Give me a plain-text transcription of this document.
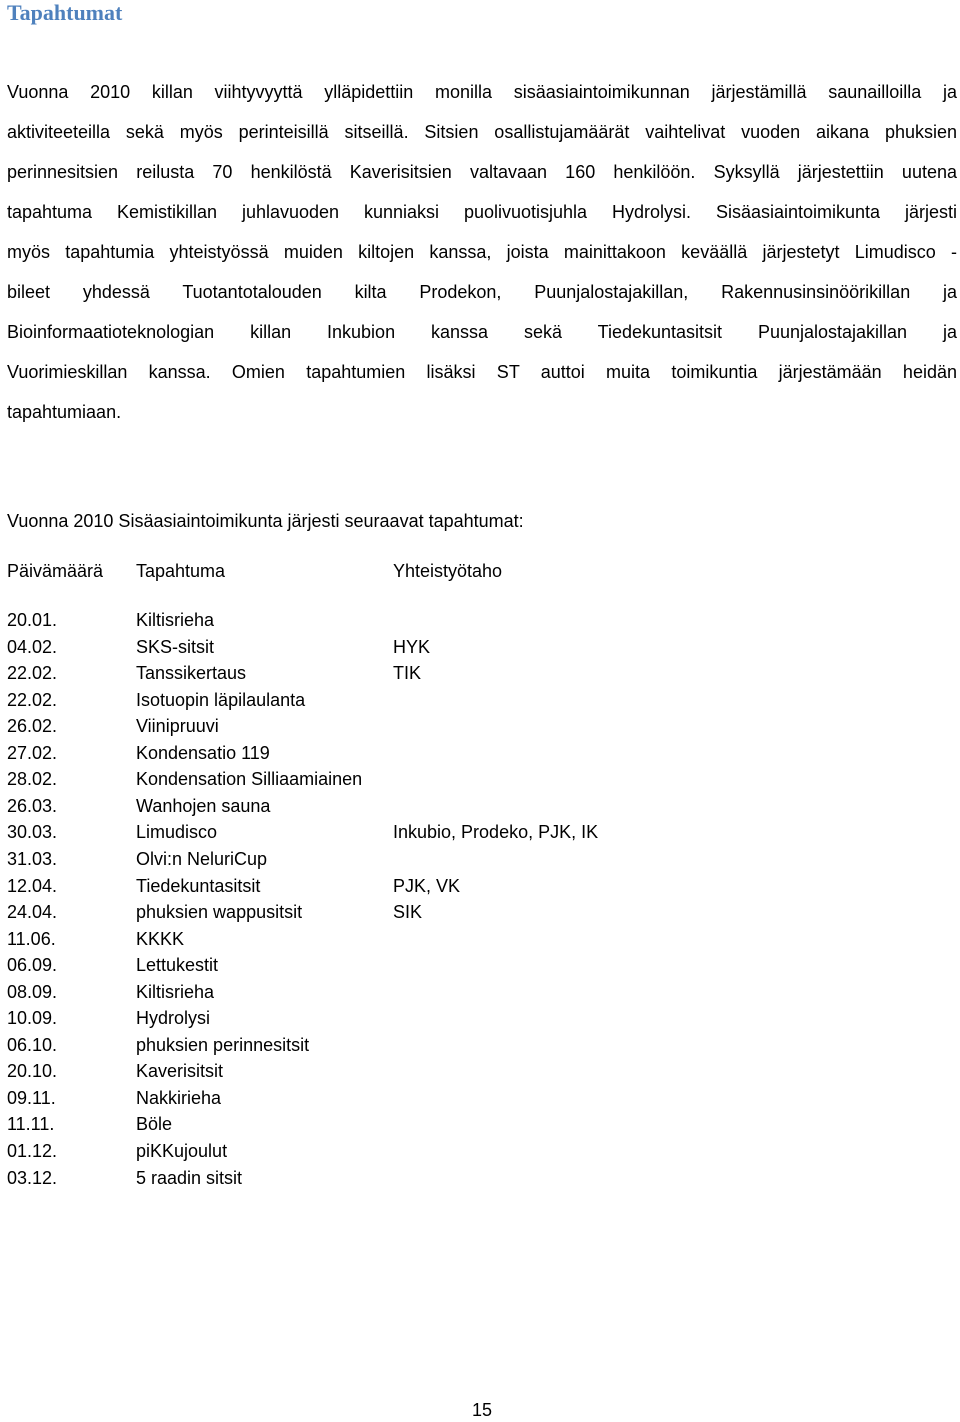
Tapahtumat
Vuonna 2010 killan viihtyvyyttä ylläpidettiin monilla sisäasiaintoimikunnan järjestämillä saunailloilla ja
aktiviteeteilla sekä myös perinteisillä sitseillä. Sitsien osallistujamäärät vaihtelivat vuoden aikana phuksien
perinnesitsien reilusta 70 henkilöstä Kaverisitsien valtavaan 160 henkilöön. Syksyllä järjestettiin uutena
tapahtuma Kemistikillan juhlavuoden kunniaksi puolivuotisjuhla Hydrolysi. Sisäasiaintoimikunta järjesti
myös tapahtumia yhteistyössä muiden kiltojen kanssa, joista mainittakoon keväällä järjestetyt Limudisco -
bileet yhdessä Tuotantotalouden kilta Prodekon, Puunjalostajakillan, Rakennusinsinöörikillan ja
Bioinformaatioteknologian killan Inkubion kanssa sekä Tiedekuntasitsit Puunjalostajakillan ja
Vuorimieskillan kanssa. Omien tapahtumien lisäksi ST auttoi muita toimikuntia järjestämään heidän
tapahtumiaan.
Vuonna 2010 Sisäasiaintoimikunta järjesti seuraavat tapahtumat:
Päivämäärä Tapahtuma	Yhteistyötaho
20.01.	Kiltisrieha
04.02.	SKS-sitsit	HYK
22.02.	Tanssikertaus	TIK
22.02.	Isotuopin läpilaulanta
26.02.	Viinipruuvi
27.02.	Kondensatio 119
28.02.	Kondensation Silliaamiainen
26.03.	Wanhojen sauna
30.03.	Limudisco	Inkubio, Prodeko, PJK, IK
31.03.	Olvi:n NeluriCup
12.04.	Tiedekuntasitsit	PJK, VK
24.04.	phuksien wappusitsit	SIK
11.06.	KKKK
06.09.	Lettukestit
08.09.	Kiltisrieha
10.09.	Hydrolysi
06.10.	phuksien perinnesitsit
20.10.	Kaverisitsit
09.11.	Nakkirieha
11.11.	Böle
01.12.	piKKujoulut
03.12.	5 raadin sitsit
15
